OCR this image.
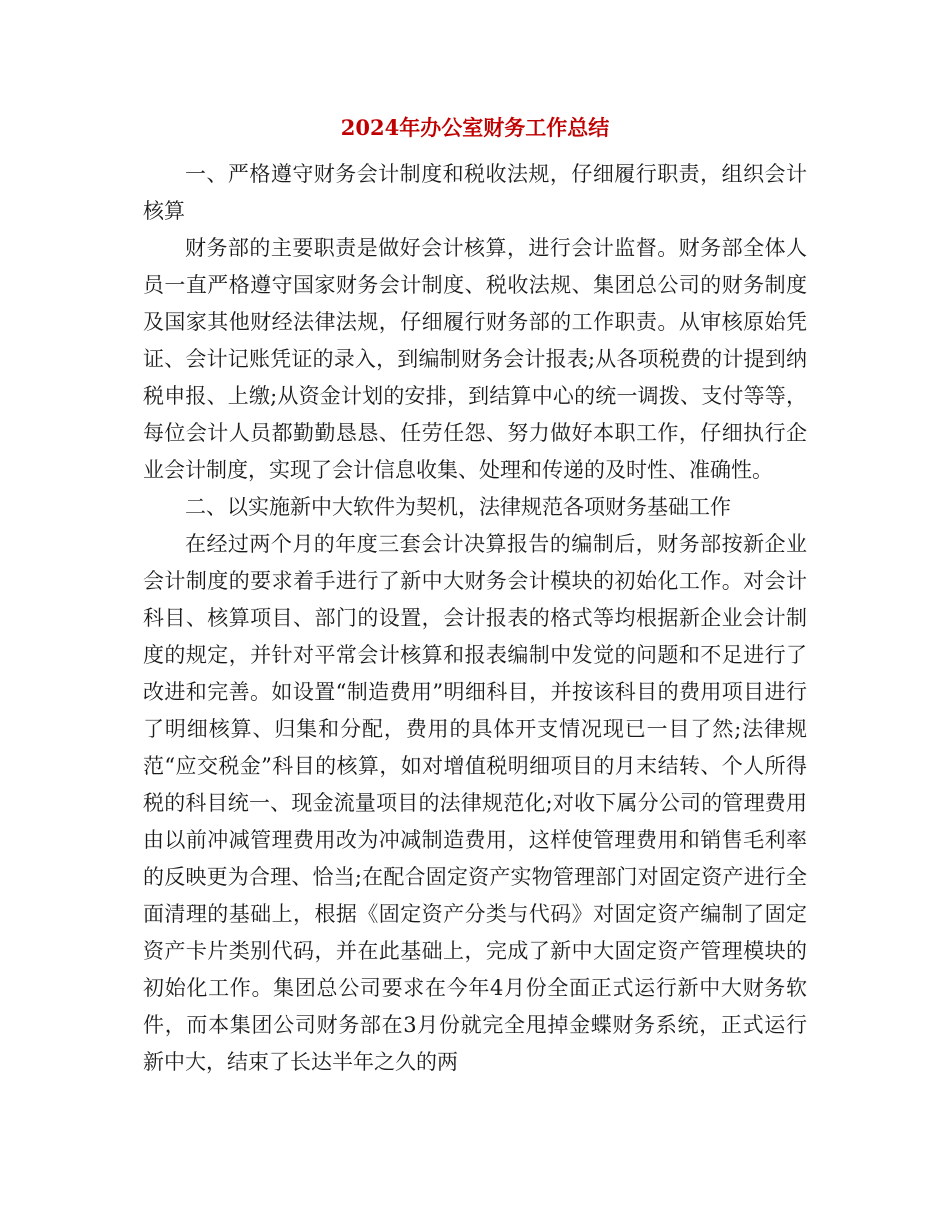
2024年办公室财务工作总结

一、严格遵守财务会计制度和税收法规，仔细履行职责，组织会计核算

财务部的主要职责是做好会计核算，进行会计监督。财务部全体人员一直严格遵守国家财务会计制度、税收法规、集团总公司的财务制度及国家其他财经法律法规，仔细履行财务部的工作职责。从审核原始凭证、会计记账凭证的录入，到编制财务会计报表;从各项税费的计提到纳税申报、上缴;从资金计划的安排，到结算中心的统一调拨、支付等等，每位会计人员都勤勤恳恳、任劳任怨、努力做好本职工作，仔细执行企业会计制度，实现了会计信息收集、处理和传递的及时性、准确性。

二、以实施新中大软件为契机，法律规范各项财务基础工作

在经过两个月的年度三套会计决算报告的编制后，财务部按新企业会计制度的要求着手进行了新中大财务会计模块的初始化工作。对会计科目、核算项目、部门的设置，会计报表的格式等均根据新企业会计制度的规定，并针对平常会计核算和报表编制中发觉的问题和不足进行了改进和完善。如设置“制造费用”明细科目，并按该科目的费用项目进行了明细核算、归集和分配，费用的具体开支情况现已一目了然;法律规范“应交税金”科目的核算，如对增值税明细项目的月末结转、个人所得税的科目统一、现金流量项目的法律规范化;对收下属分公司的管理费用由以前冲减管理费用改为冲减制造费用，这样使管理费用和销售毛利率的反映更为合理、恰当;在配合固定资产实物管理部门对固定资产进行全面清理的基础上，根据《固定资产分类与代码》对固定资产编制了固定资产卡片类别代码，并在此基础上，完成了新中大固定资产管理模块的初始化工作。集团总公司要求在今年4月份全面正式运行新中大财务软件，而本集团公司财务部在3月份就完全甩掉金蝶财务系统，正式运行新中大，结束了长达半年之久的两
